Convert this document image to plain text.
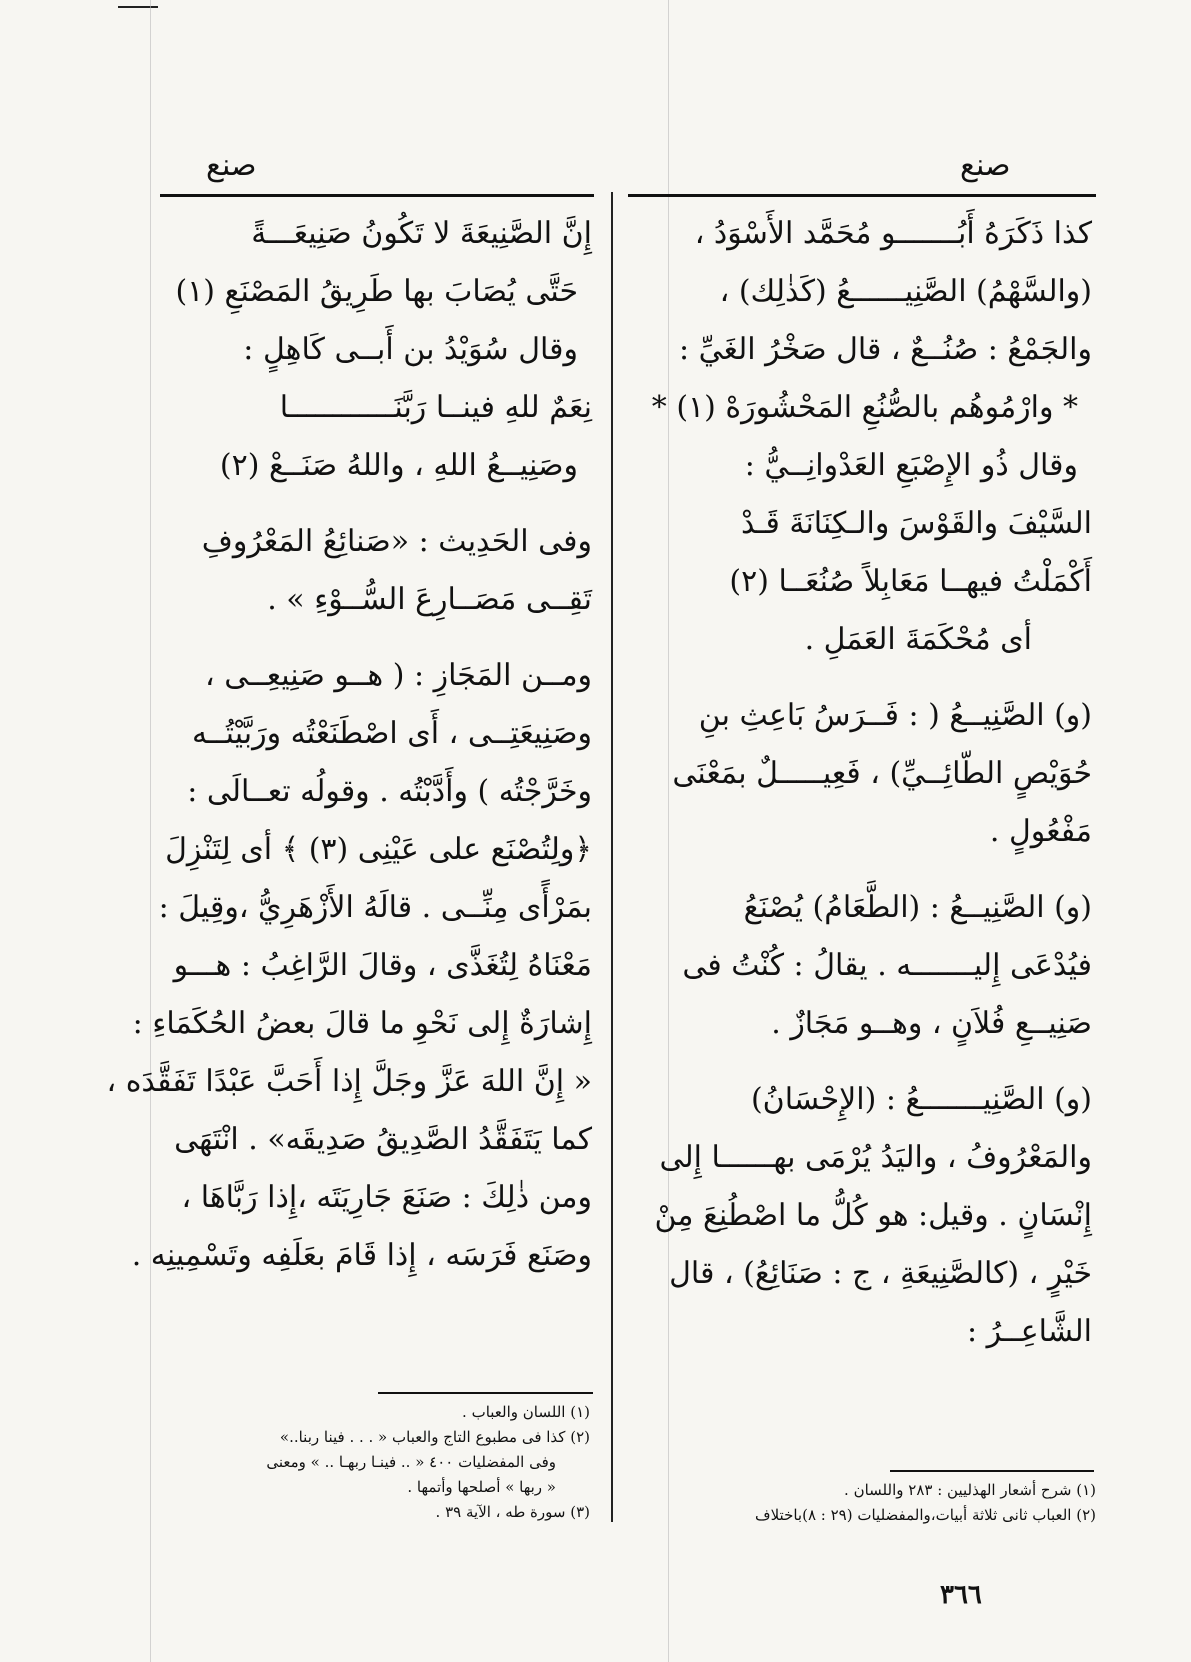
صنع
صنع
كذا ذَكَرَهُ أَبُـــــــو مُحَمَّد الأَسْوَدُ ،
(والسَّهْمُ) الصَّنِيــــــعُ (كَذٰلِك) ،
والجَمْعُ : صُنُــعٌ ، قال صَخْرُ الغَيِّ :
* وارْمُوهُم بالصُّنُعِ المَحْشُورَهْ (١) *
وقال ذُو الإِصْبَعِ العَدْوانِــيُّ :
السَّيْفَ والقَوْسَ والـكِنَانَةَ قَـدْ
أَكْمَلْتُ فيهــا مَعَابِلاً صُنُعَــا (٢)
أى مُحْكَمَةَ العَمَلِ .
(و) الصَّنِيــعُ ( : فَــرَسُ بَاعِثِ بنِ
حُوَيْصٍ الطّائِــيِّ) ، فَعِيـــــلٌ بمَعْنَى
مَفْعُولٍ .
(و) الصَّنِيــعُ : (الطَّعَامُ) يُصْنَعُ
فيُدْعَى إِليـــــــه . يقالُ : كُنْتُ فى
صَنِيــعِ فُلاَنٍ ، وهــو مَجَازٌ .
(و) الصَّنِيـــــــعُ : (الإِحْسَانُ)
والمَعْرُوفُ ، واليَدُ يُرْمَى بهــــــا إِلى
إِنْسَانٍ . وقيل: هو كُلُّ ما اصْطُنِعَ مِنْ
خَيْرٍ ، (كالصَّنِيعَةِ ، ج : صَنَائِعُ) ، قال
الشَّاعِــرُ :
إِنَّ الصَّنِيعَةَ لا تَكُونُ صَنِيعَـــةً
حَتَّى يُصَابَ بها طَرِيقُ المَصْنَعِ (١)
وقال سُوَيْدُ بن أَبــى كَاهِلٍ :
نِعَمٌ للهِ فينــا رَبَّنَــــــــــــا
وصَنِيــعُ اللهِ ، واللهُ صَنَــعْ (٢)
وفى الحَدِيث : «صَنائِعُ المَعْرُوفِ
تَقِــى مَصَــارِعَ السُّــوْءِ » .
ومــن المَجَازِ : ( هــو صَنِيعِــى ،
وصَنِيعَتِــى ، أَى اصْطَنَعْتُه ورَبَّيْتُــه
وخَرَّجْتُه ) وأَدَّبْتُه . وقولُه تعــالَى :
﴿ولِتُصْنَع على عَيْنِى (٣) ﴾ أى لِتَنْزِلَ
بمَرْأًى مِنِّــى . قالَهُ الأَزْهَرِيُّ ،وقِيلَ :
مَعْنَاهُ لِتُغَذَّى ، وقالَ الرَّاغِبُ : هـــو
إِشارَةٌ إِلى نَحْوِ ما قالَ بعضُ الحُكَمَاءِ :
« إِنَّ اللهَ عَزَّ وجَلَّ إِذا أَحَبَّ عَبْدًا تَفَقَّدَه ،
كما يَتَفَقَّدُ الصَّدِيقُ صَدِيقَه» . انْتَهَى
ومن ذٰلِكَ : صَنَعَ جَارِيَتَه ،إِذا رَبَّاهَا ،
وصَنَع فَرَسَه ، إِذا قَامَ بعَلَفِه وتَسْمِينِه .
(١) اللسان والعباب .
(٢) كذا فى مطبوع التاج والعباب « . . . فينا ربنا..»
وفى المفضليات ٤٠٠ « .. فينـا ربهـا .. » ومعنى
« ربها » أصلحها وأتمها .
(٣) سورة طه ، الآية ٣٩ .
(١) شرح أشعار الهذليين : ٢٨٣ واللسان .
(٢) العباب ثانى ثلاثة أبيات،والمفضليات (٢٩ : ٨)باختلاف
٣٦٦
